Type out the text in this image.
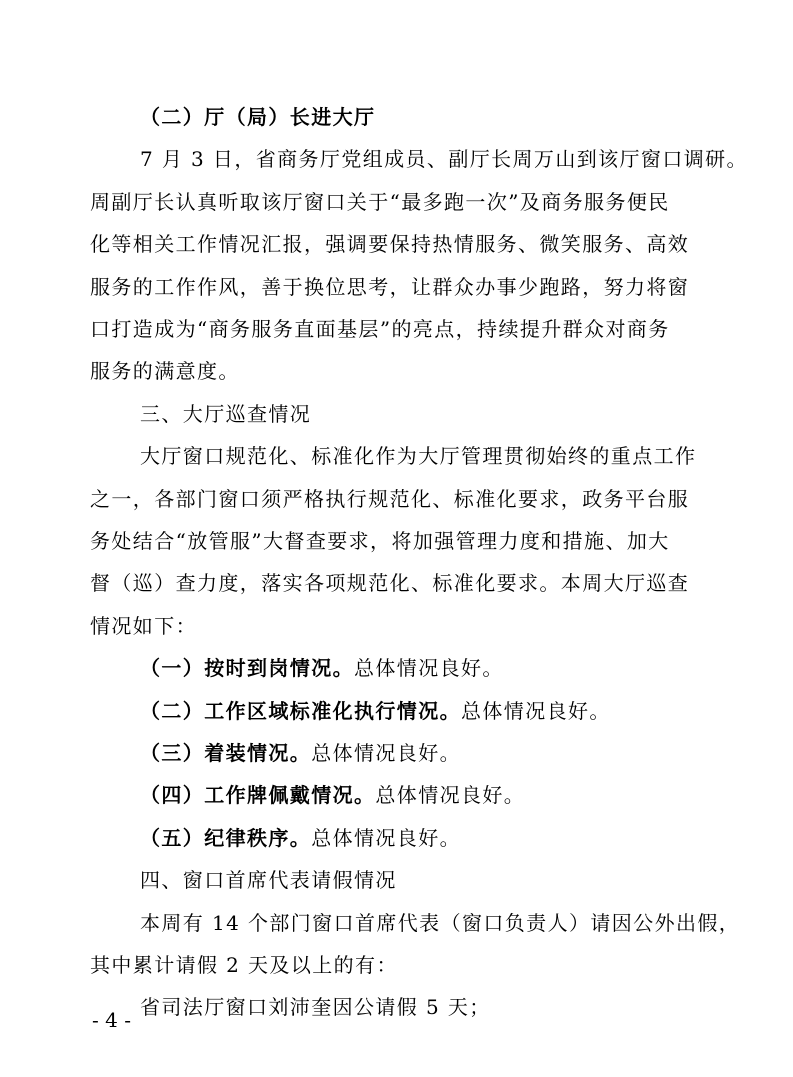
（二）厅（局）长进大厅
7 月 3 日，省商务厅党组成员、副厅长周万山到该厅窗口调研。
周副厅长认真听取该厅窗口关于“最多跑一次”及商务服务便民
化等相关工作情况汇报，强调要保持热情服务、微笑服务、高效
服务的工作作风，善于换位思考，让群众办事少跑路，努力将窗
口打造成为“商务服务直面基层”的亮点，持续提升群众对商务
服务的满意度。
三、大厅巡查情况
大厅窗口规范化、标准化作为大厅管理贯彻始终的重点工作
之一，各部门窗口须严格执行规范化、标准化要求，政务平台服
务处结合“放管服”大督查要求，将加强管理力度和措施、加大
督（巡）查力度，落实各项规范化、标准化要求。本周大厅巡查
情况如下：
（一）按时到岗情况。总体情况良好。
（二）工作区域标准化执行情况。总体情况良好。
（三）着装情况。总体情况良好。
（四）工作牌佩戴情况。总体情况良好。
（五）纪律秩序。总体情况良好。
四、窗口首席代表请假情况
本周有 14 个部门窗口首席代表（窗口负责人）请因公外出假，
其中累计请假 2 天及以上的有：
- 4 -
省司法厅窗口刘沛奎因公请假 5 天；
